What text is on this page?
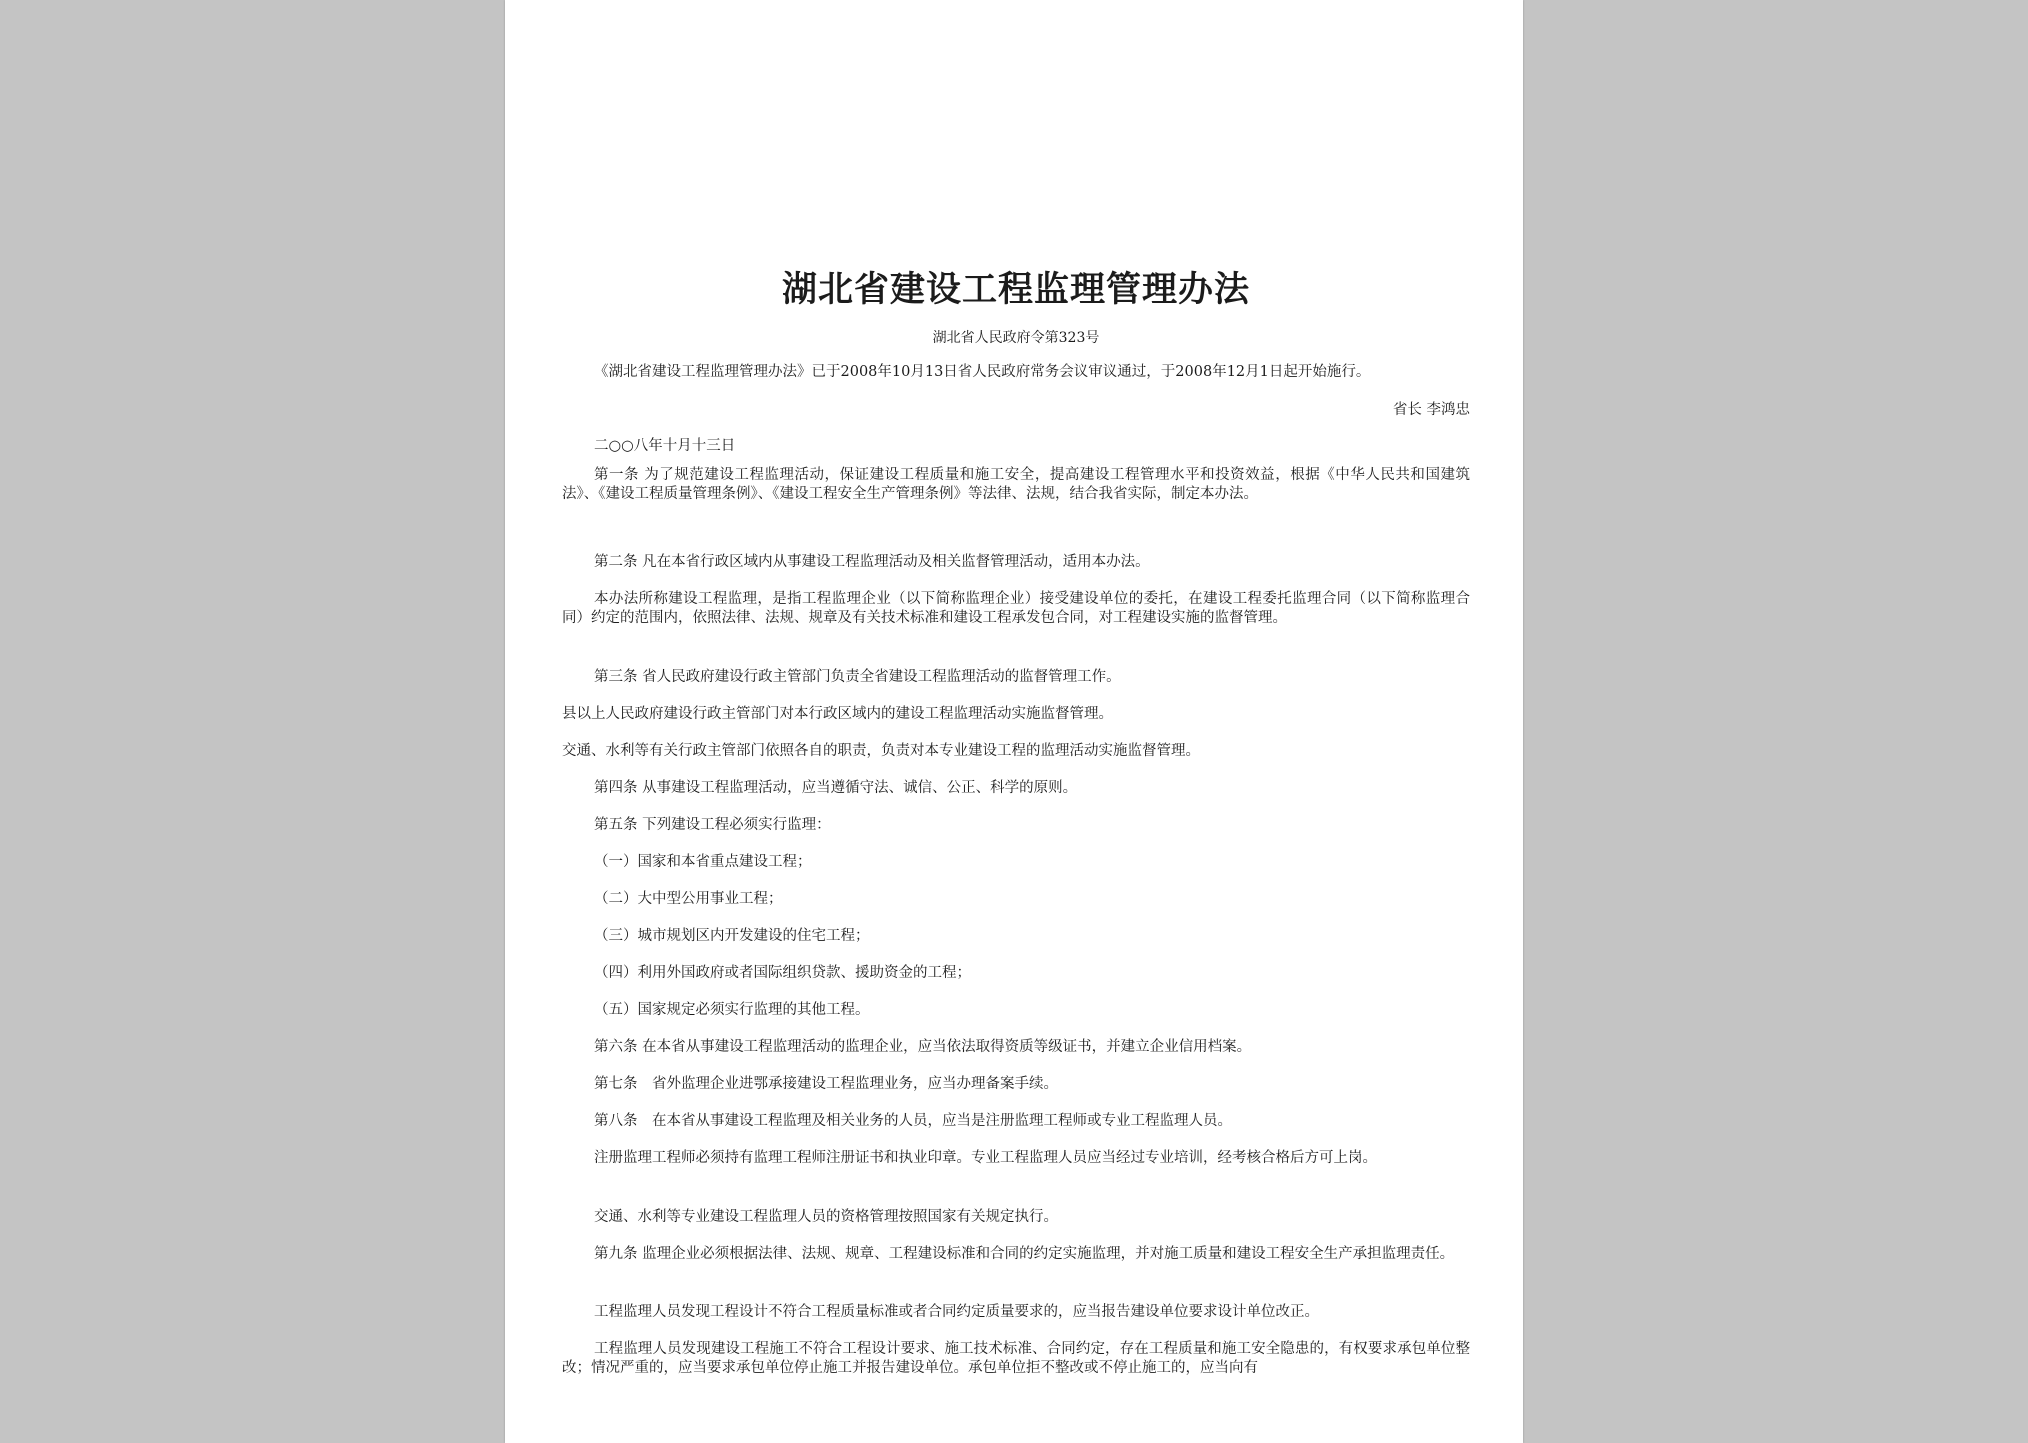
湖北省建设工程监理管理办法
湖北省人民政府令第323号
《湖北省建设工程监理管理办法》已于2008年10月13日省人民政府常务会议审议通过，于2008年12月1日起开始施行。
省长 李鸿忠
二○○八年十月十三日
第一条 为了规范建设工程监理活动，保证建设工程质量和施工安全，提高建设工程管理水平和投资效益，根据《中华人民共和国建筑法》、《建设工程质量管理条例》、《建设工程安全生产管理条例》等法律、法规，结合我省实际，制定本办法。
第二条 凡在本省行政区域内从事建设工程监理活动及相关监督管理活动，适用本办法。
本办法所称建设工程监理，是指工程监理企业（以下简称监理企业）接受建设单位的委托，在建设工程委托监理合同（以下简称监理合同）约定的范围内，依照法律、法规、规章及有关技术标准和建设工程承发包合同，对工程建设实施的监督管理。
第三条 省人民政府建设行政主管部门负责全省建设工程监理活动的监督管理工作。
县以上人民政府建设行政主管部门对本行政区域内的建设工程监理活动实施监督管理。
交通、水利等有关行政主管部门依照各自的职责，负责对本专业建设工程的监理活动实施监督管理。
第四条 从事建设工程监理活动，应当遵循守法、诚信、公正、科学的原则。
第五条 下列建设工程必须实行监理：
（一）国家和本省重点建设工程；
（二）大中型公用事业工程；
（三）城市规划区内开发建设的住宅工程；
（四）利用外国政府或者国际组织贷款、援助资金的工程；
（五）国家规定必须实行监理的其他工程。
第六条 在本省从事建设工程监理活动的监理企业，应当依法取得资质等级证书，并建立企业信用档案。
第七条　省外监理企业进鄂承接建设工程监理业务，应当办理备案手续。
第八条　在本省从事建设工程监理及相关业务的人员，应当是注册监理工程师或专业工程监理人员。
注册监理工程师必须持有监理工程师注册证书和执业印章。专业工程监理人员应当经过专业培训，经考核合格后方可上岗。
交通、水利等专业建设工程监理人员的资格管理按照国家有关规定执行。
第九条 监理企业必须根据法律、法规、规章、工程建设标准和合同的约定实施监理，并对施工质量和建设工程安全生产承担监理责任。
工程监理人员发现工程设计不符合工程质量标准或者合同约定质量要求的，应当报告建设单位要求设计单位改正。
工程监理人员发现建设工程施工不符合工程设计要求、施工技术标准、合同约定，存在工程质量和施工安全隐患的，有权要求承包单位整改；情况严重的，应当要求承包单位停止施工并报告建设单位。承包单位拒不整改或不停止施工的，应当向有
